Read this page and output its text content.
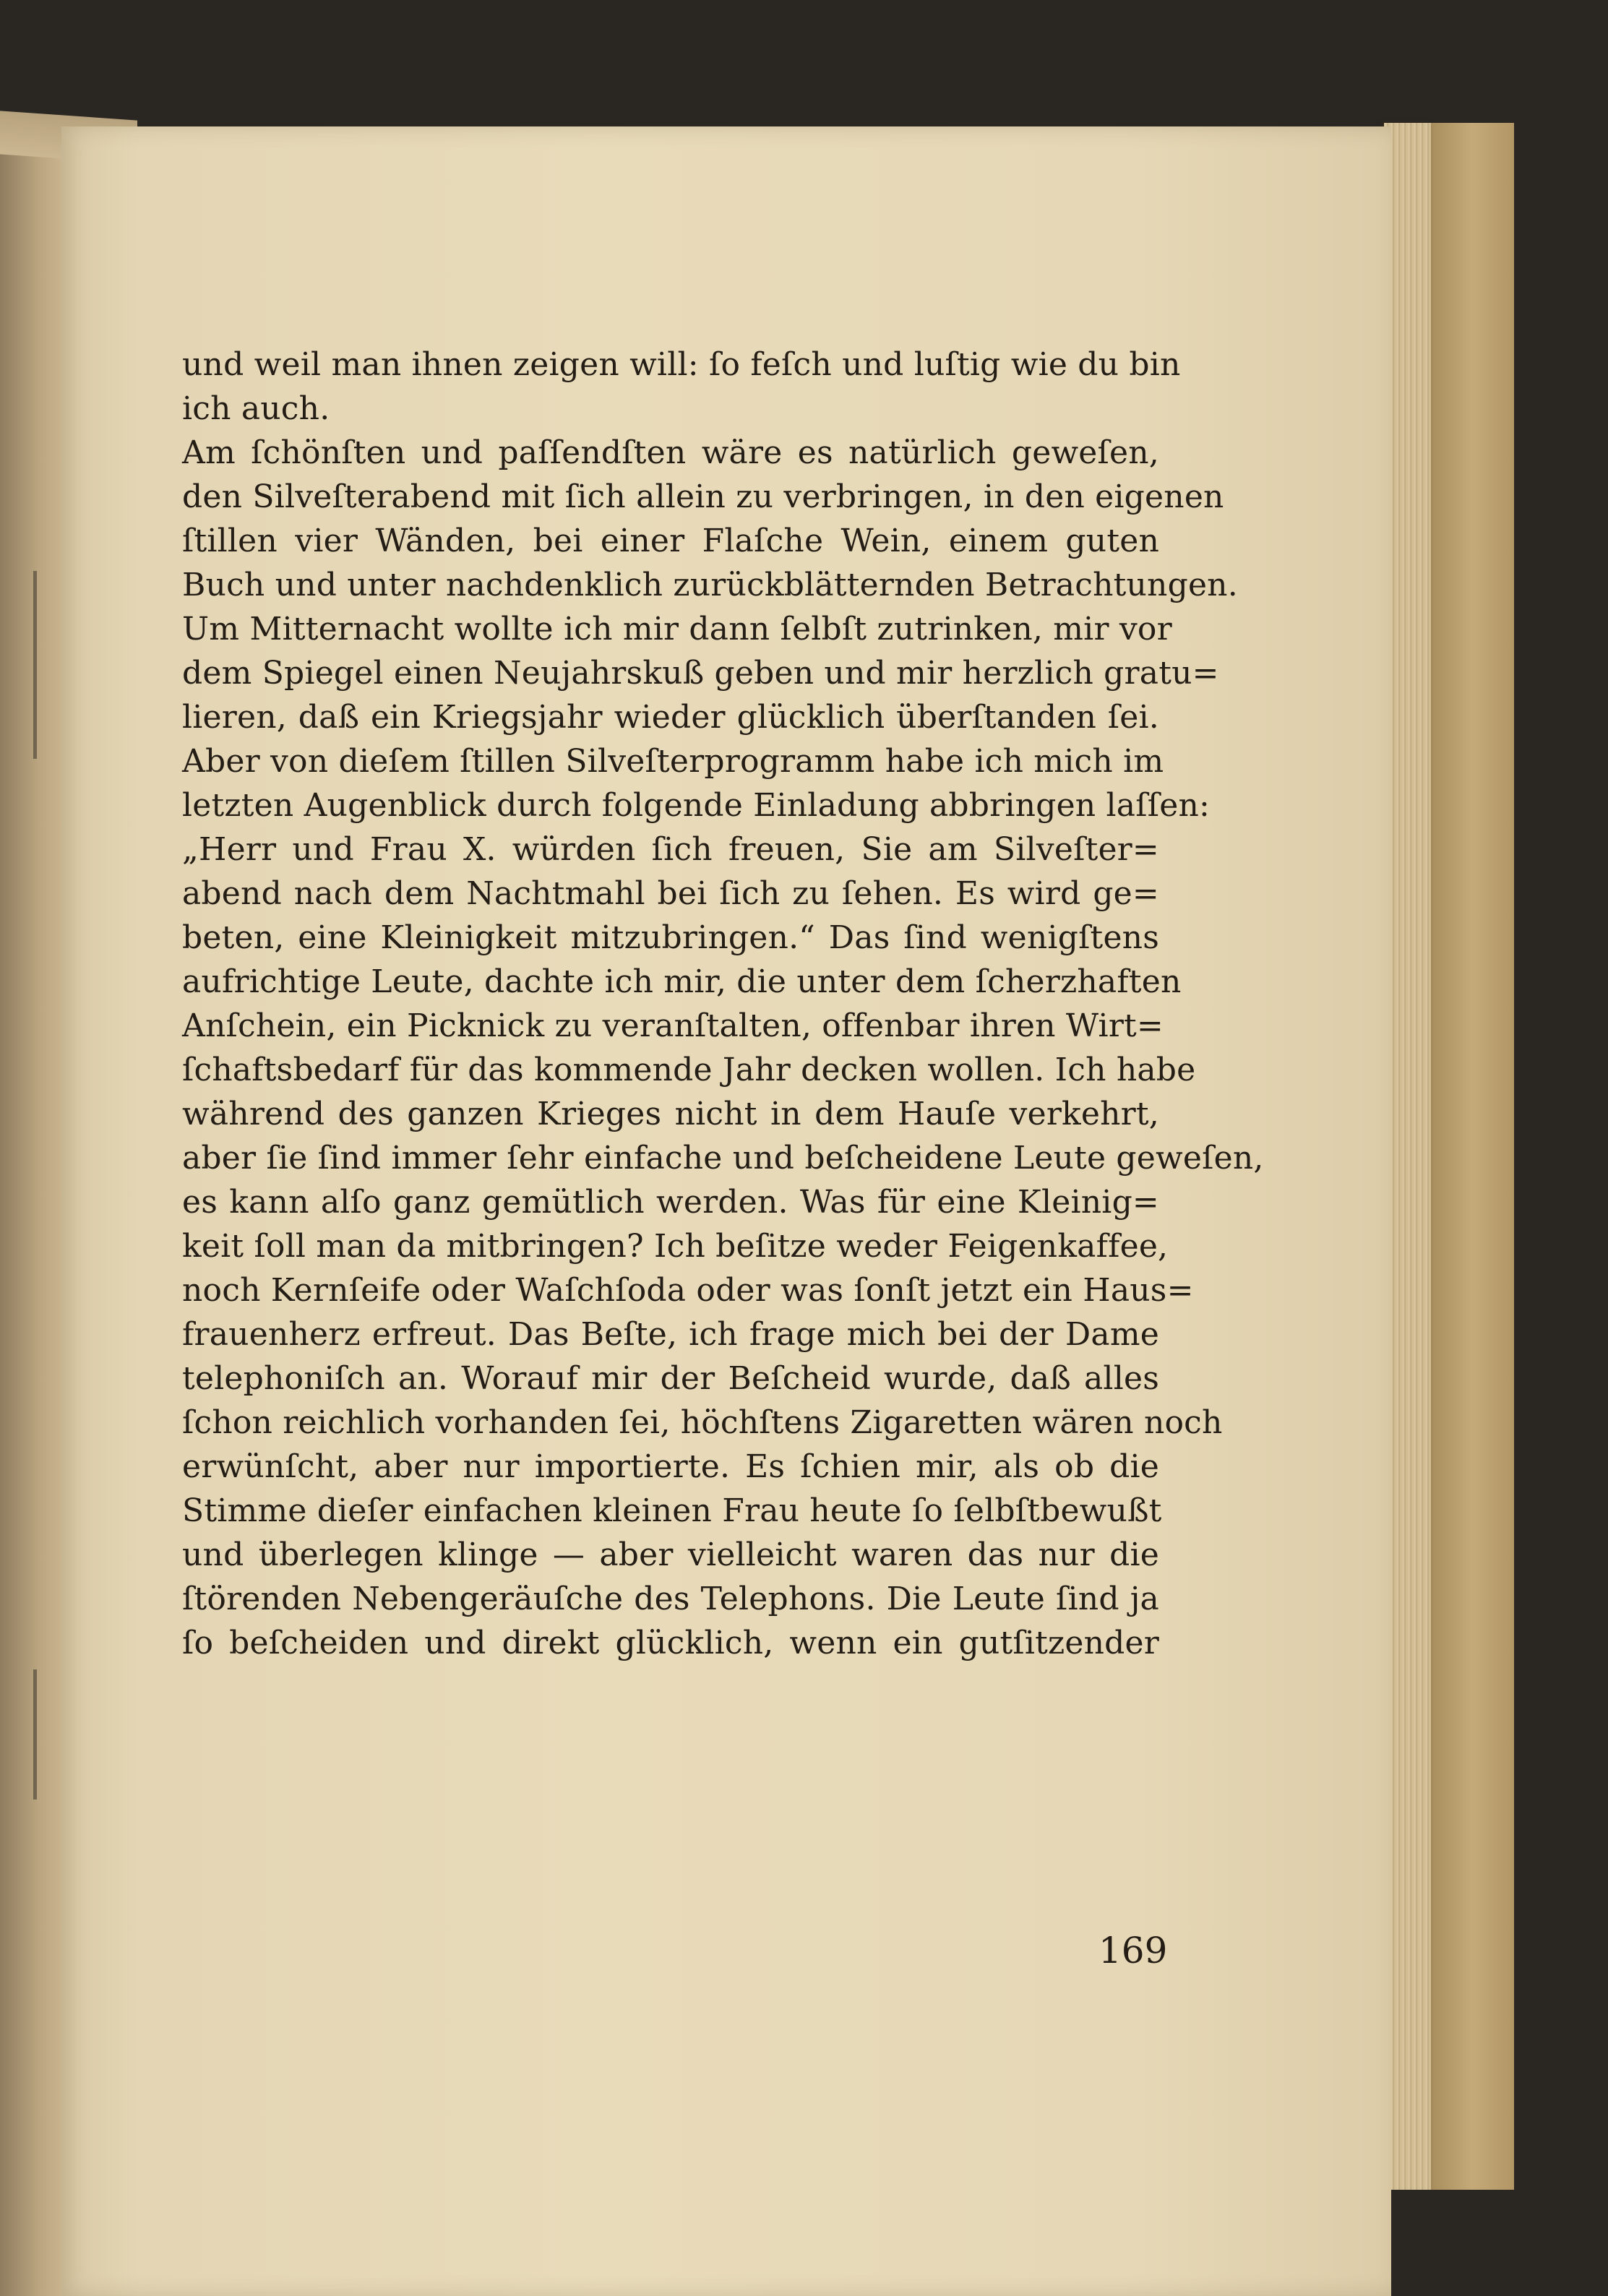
und weil man ihnen zeigen will: ſo feſch und luſtig wie du bin
ich auch.
Am ſchönſten und paſſendſten wäre es natürlich geweſen,
den Silveſterabend mit ſich allein zu verbringen, in den eigenen
ſtillen vier Wänden, bei einer Flaſche Wein, einem guten
Buch und unter nachdenklich zurückblätternden Betrachtungen.
Um Mitternacht wollte ich mir dann ſelbſt zutrinken, mir vor
dem Spiegel einen Neujahrskuß geben und mir herzlich gratu=
lieren, daß ein Kriegsjahr wieder glücklich überſtanden ſei.
Aber von dieſem ſtillen Silveſterprogramm habe ich mich im
letzten Augenblick durch folgende Einladung abbringen laſſen:
„Herr und Frau X. würden ſich freuen, Sie am Silveſter=
abend nach dem Nachtmahl bei ſich zu ſehen. Es wird ge=
beten, eine Kleinigkeit mitzubringen.“ Das ſind wenigſtens
aufrichtige Leute, dachte ich mir, die unter dem ſcherzhaften
Anſchein, ein Picknick zu veranſtalten, offenbar ihren Wirt=
ſchaftsbedarf für das kommende Jahr decken wollen. Ich habe
während des ganzen Krieges nicht in dem Hauſe verkehrt,
aber ſie ſind immer ſehr einfache und beſcheidene Leute geweſen,
es kann alſo ganz gemütlich werden. Was für eine Kleinig=
keit ſoll man da mitbringen? Ich beſitze weder Feigenkaffee,
noch Kernſeife oder Waſchſoda oder was ſonſt jetzt ein Haus=
frauenherz erfreut. Das Beſte, ich frage mich bei der Dame
telephoniſch an. Worauf mir der Beſcheid wurde, daß alles
ſchon reichlich vorhanden ſei, höchſtens Zigaretten wären noch
erwünſcht, aber nur importierte. Es ſchien mir, als ob die
Stimme dieſer einfachen kleinen Frau heute ſo ſelbſtbewußt
und überlegen klinge — aber vielleicht waren das nur die
ſtörenden Nebengeräuſche des Telephons. Die Leute ſind ja
ſo beſcheiden und direkt glücklich, wenn ein gutſitzender
169
